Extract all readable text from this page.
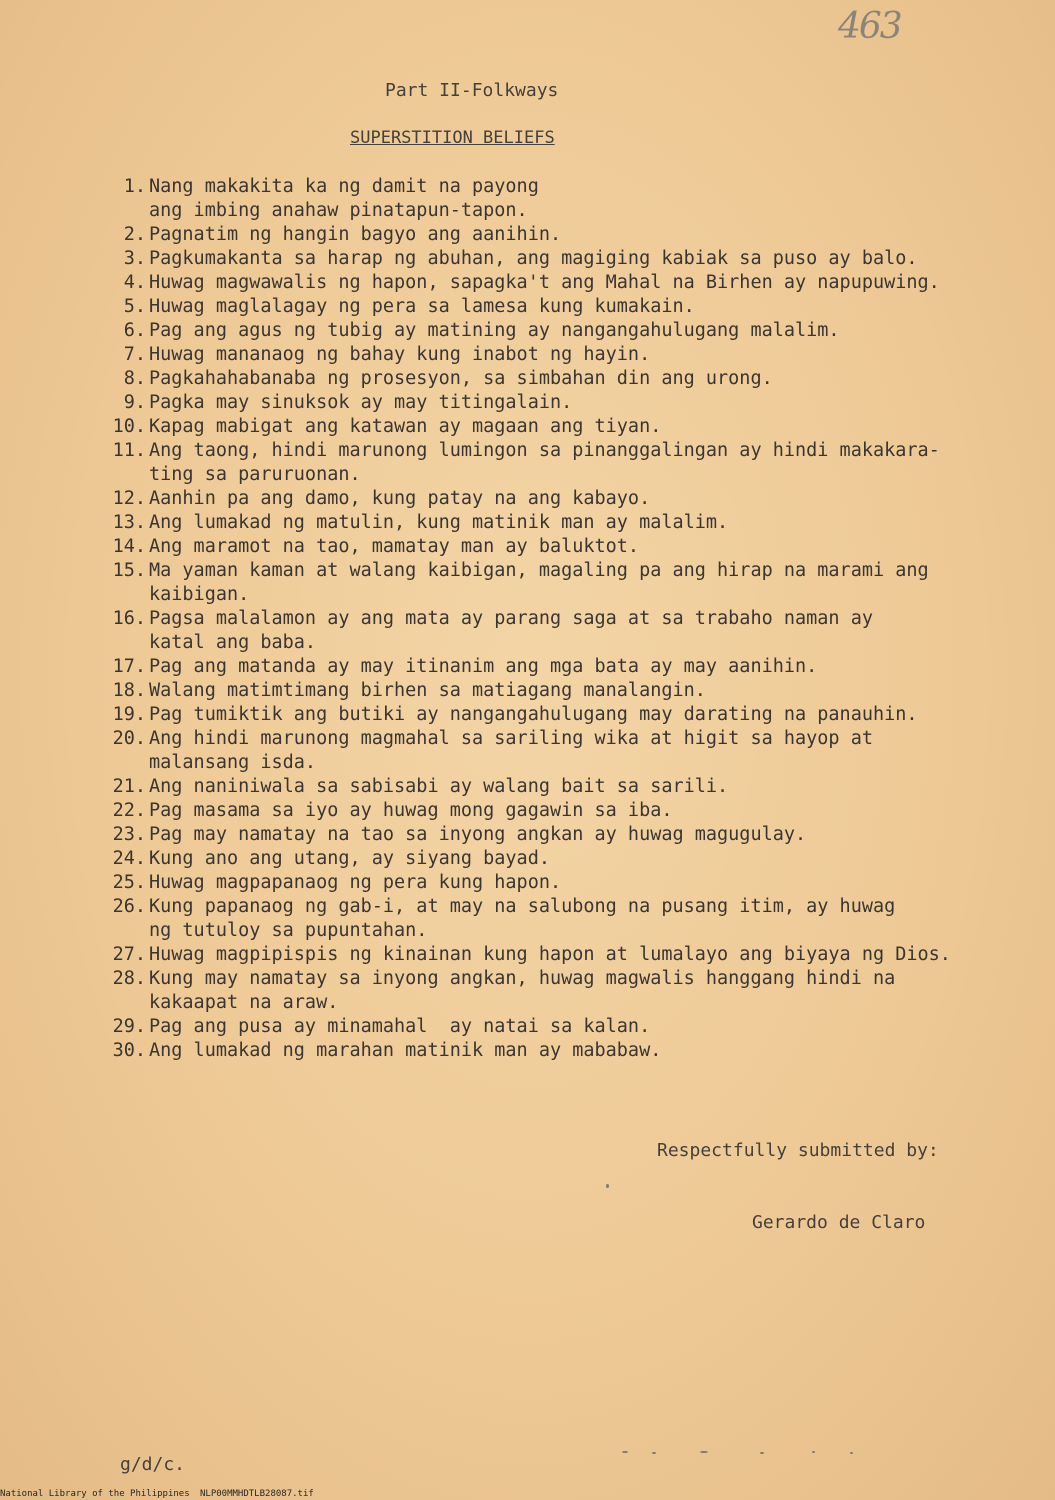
463
Part II-Folkways
SUPERSTITION BELIEFS
1. Nang makakita ka ng damit na payong
ang imbing anahaw pinatapun-tapon.
2. Pagnatim ng hangin bagyo ang aanihin.
3. Pagkumakanta sa harap ng abuhan, ang magiging kabiak sa puso ay balo.
4. Huwag magwawalis ng hapon, sapagka't ang Mahal na Birhen ay napupuwing.
5. Huwag maglalagay ng pera sa lamesa kung kumakain.
6. Pag ang agus ng tubig ay matining ay nangangahulugang malalim.
7. Huwag mananaog ng bahay kung inabot ng hayin.
8. Pagkahahabanaba ng prosesyon, sa simbahan din ang urong.
9. Pagka may sinuksok ay may titingalain.
10. Kapag mabigat ang katawan ay magaan ang tiyan.
11. Ang taong, hindi marunong lumingon sa pinanggalingan ay hindi makakara-
ting sa paruruonan.
12. Aanhin pa ang damo, kung patay na ang kabayo.
13. Ang lumakad ng matulin, kung matinik man ay malalim.
14. Ang maramot na tao, mamatay man ay baluktot.
15. Ma yaman kaman at walang kaibigan, magaling pa ang hirap na marami ang
kaibigan.
16. Pagsa malalamon ay ang mata ay parang saga at sa trabaho naman ay
katal ang baba.
17. Pag ang matanda ay may itinanim ang mga bata ay may aanihin.
18. Walang matimtimang birhen sa matiagang manalangin.
19. Pag tumiktik ang butiki ay nangangahulugang may darating na panauhin.
20. Ang hindi marunong magmahal sa sariling wika at higit sa hayop at
malansang isda.
21. Ang naniniwala sa sabisabi ay walang bait sa sarili.
22. Pag masama sa iyo ay huwag mong gagawin sa iba.
23. Pag may namatay na tao sa inyong angkan ay huwag magugulay.
24. Kung ano ang utang, ay siyang bayad.
25. Huwag magpapanaog ng pera kung hapon.
26. Kung papanaog ng gab-i, at may na salubong na pusang itim, ay huwag
ng tutuloy sa pupuntahan.
27. Huwag magpipispis ng kinainan kung hapon at lumalayo ang biyaya ng Dios.
28. Kung may namatay sa inyong angkan, huwag magwalis hanggang hindi na
kakaapat na araw.
29. Pag ang pusa ay minamahal  ay natai sa kalan.
30. Ang lumakad ng marahan matinik man ay mababaw.
Respectfully submitted by:
Gerardo de Claro
g/d/c.
National Library of the Philippines NLP00MMHDTLB28087.tif
